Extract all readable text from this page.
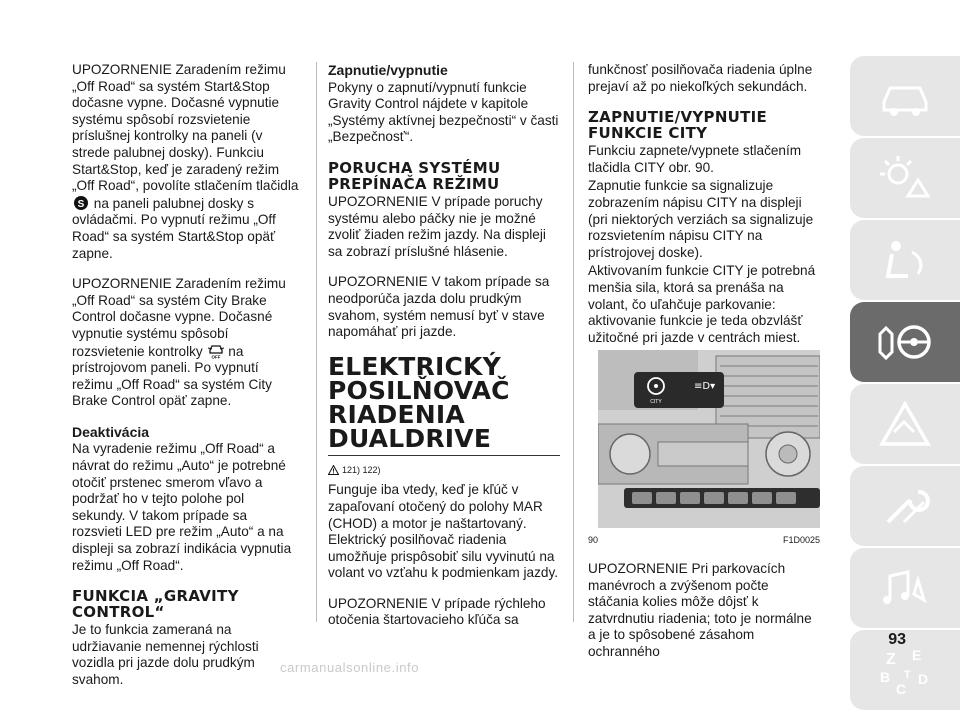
UPOZORNENIE Zaradením režimu „Off Road“ sa systém Start&Stop dočasne vypne. Dočasné vypnutie systému spôsobí rozsvietenie príslušnej kontrolky na paneli (v strede palubnej dosky). Funkciu Start&Stop, keď je zaradený režim „Off Road“, povolíte stlačením tlačidla
S na paneli palubnej dosky s ovládačmi. Po vypnutí režimu „Off Road“ sa systém Start&Stop opäť zapne.

UPOZORNENIE Zaradením režimu „Off Road“ sa systém City Brake Control dočasne vypne. Dočasné vypnutie systému spôsobí rozsvietenie kontrolky OFF na prístrojovom paneli. Po vypnutí režimu „Off Road“ sa systém City Brake Control opäť zapne.

Deaktivácia

Na vyradenie režimu „Off Road“ a návrat do režimu „Auto“ je potrebné otočiť prstenec smerom vľavo a podržať ho v tejto polohe pol sekundy. V takom prípade sa rozsvieti LED pre režim „Auto“ a na displeji sa zobrazí indikácia vypnutia režimu „Off Road“.

FUNKCIA „GRAVITY CONTROL“

Je to funkcia zameraná na udržiavanie nemennej rýchlosti vozidla pri jazde dolu prudkým svahom.

Zapnutie/vypnutie

Pokyny o zapnutí/vypnutí funkcie Gravity Control nájdete v kapitole „Systémy aktívnej bezpečnosti“ v časti „Bezpečnosť“.

PORUCHA SYSTÉMU PREPÍNAČA REŽIMU

UPOZORNENIE V prípade poruchy systému alebo páčky nie je možné zvoliť žiaden režim jazdy. Na displeji sa zobrazí príslušné hlásenie.

UPOZORNENIE V takom prípade sa neodporúča jazda dolu prudkým svahom, systém nemusí byť v stave napomáhať pri jazde.

ELEKTRICKÝ POSILŇOVAČ RIADENIA DUALDRIVE
121) 122)

Funguje iba vtedy, keď je kľúč v zapaľovaní otočený do polohy MAR (CHOD) a motor je naštartovaný. Elektrický posilňovač riadenia umožňuje prispôsobiť silu vyvinutú na volant vo vzťahu k podmienkam jazdy.

UPOZORNENIE V prípade rýchleho otočenia štartovacieho kľúča sa

funkčnosť posilňovača riadenia úplne prejaví až po niekoľkých sekundách.

ZAPNUTIE/VYPNUTIE FUNKCIE CITY

Funkciu zapnete/vypnete stlačením tlačidla CITY obr. 90.

Zapnutie funkcie sa signalizuje zobrazením nápisu CITY na displeji (pri niektorých verziách sa signalizuje rozsvietením nápisu CITY na prístrojovej doske).

Aktivovaním funkcie CITY je potrebná menšia sila, ktorá sa prenáša na volant, čo uľahčuje parkovanie: aktivovanie funkcie je teda obzvlášť užitočné pri jazde v centrách miest.

CITY
≡D▾
90	F1D0025

UPOZORNENIE Pri parkovacích manévroch a zvýšenom počte stáčania kolies môže dôjsť k zatvrdnutiu riadenia; toto je normálne a je to spôsobené zásahom ochranného	Z E
B
C
D
T
93
carmanualsonline.info
